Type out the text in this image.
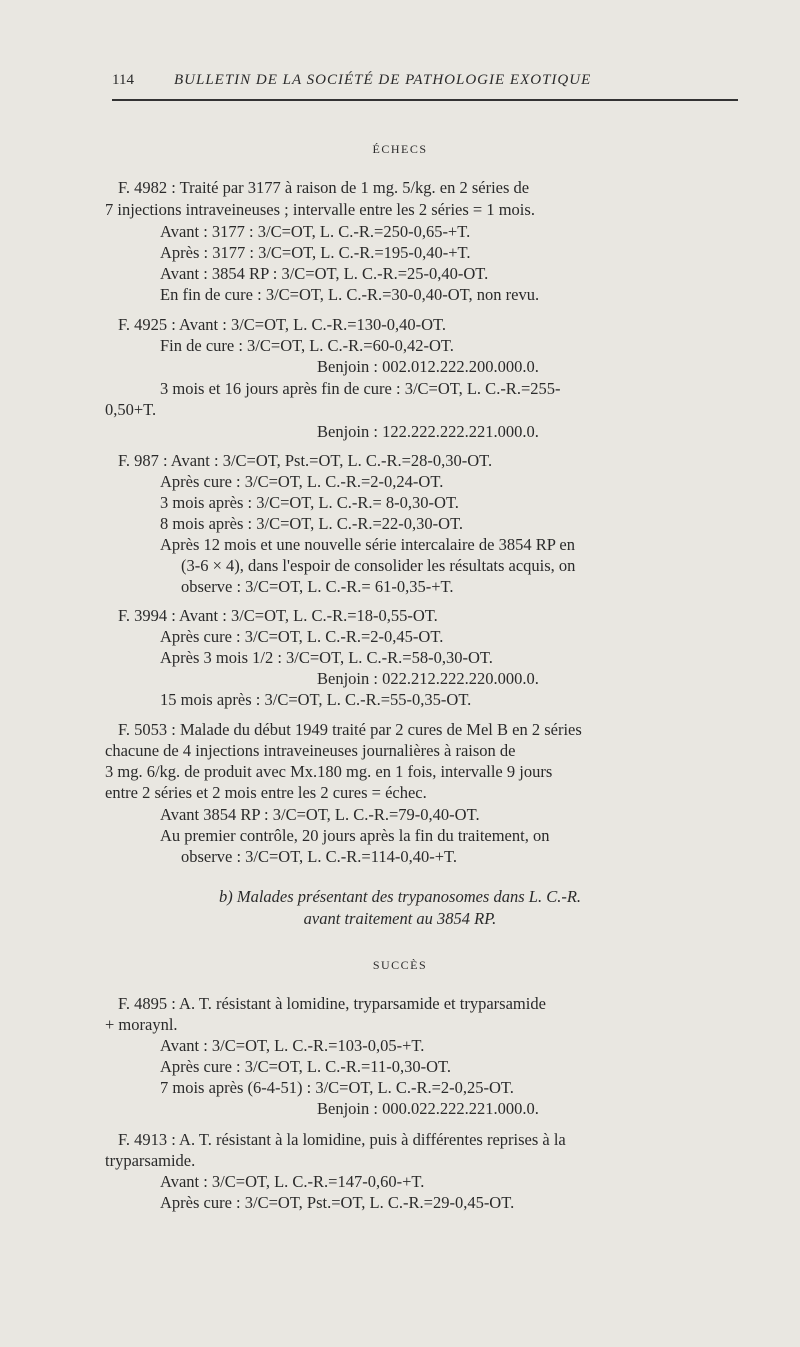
114	BULLETIN DE LA SOCIÉTÉ DE PATHOLOGIE EXOTIQUE
ÉCHECS
F. 4982 : Traité par 3177 à raison de 1 mg. 5/kg. en 2 séries de
7 injections intraveineuses ; intervalle entre les 2 séries = 1 mois.
Avant : 3177 : 3/C=OT, L. C.-R.=250-0,65-+T.
Après : 3177 : 3/C=OT, L. C.-R.=195-0,40-+T.
Avant : 3854 RP : 3/C=OT, L. C.-R.=25-0,40-OT.
En fin de cure : 3/C=OT, L. C.-R.=30-0,40-OT, non revu.
F. 4925 : Avant : 3/C=OT, L. C.-R.=130-0,40-OT.
Fin de cure : 3/C=OT, L. C.-R.=60-0,42-OT.
Benjoin : 002.012.222.200.000.0.
3 mois et 16 jours après fin de cure : 3/C=OT, L. C.-R.=255-
0,50+T.
Benjoin : 122.222.222.221.000.0.
F. 987 : Avant : 3/C=OT, Pst.=OT, L. C.-R.=28-0,30-OT.
Après cure : 3/C=OT, L. C.-R.=2-0,24-OT.
3 mois après : 3/C=OT, L. C.-R.= 8-0,30-OT.
8 mois après : 3/C=OT, L. C.-R.=22-0,30-OT.
Après 12 mois et une nouvelle série intercalaire de 3854 RP en
(3-6 × 4), dans l'espoir de consolider les résultats acquis, on
observe : 3/C=OT, L. C.-R.= 61-0,35-+T.
F. 3994 : Avant : 3/C=OT, L. C.-R.=18-0,55-OT.
Après cure : 3/C=OT, L. C.-R.=2-0,45-OT.
Après 3 mois 1/2 : 3/C=OT, L. C.-R.=58-0,30-OT.
Benjoin : 022.212.222.220.000.0.
15 mois après : 3/C=OT, L. C.-R.=55-0,35-OT.
F. 5053 : Malade du début 1949 traité par 2 cures de Mel B en 2 séries
chacune de 4 injections intraveineuses journalières à raison de
3 mg. 6/kg. de produit avec Mx.180 mg. en 1 fois, intervalle 9 jours
entre 2 séries et 2 mois entre les 2 cures = échec.
Avant 3854 RP : 3/C=OT, L. C.-R.=79-0,40-OT.
Au premier contrôle, 20 jours après la fin du traitement, on
observe : 3/C=OT, L. C.-R.=114-0,40-+T.
b) Malades présentant des trypanosomes dans L. C.-R.
avant traitement au 3854 RP.
SUCCÈS
F. 4895 : A. T. résistant à lomidine, tryparsamide et tryparsamide
+ moraynl.
Avant : 3/C=OT, L. C.-R.=103-0,05-+T.
Après cure : 3/C=OT, L. C.-R.=11-0,30-OT.
7 mois après (6-4-51) : 3/C=OT, L. C.-R.=2-0,25-OT.
Benjoin : 000.022.222.221.000.0.
F. 4913 : A. T. résistant à la lomidine, puis à différentes reprises à la
tryparsamide.
Avant : 3/C=OT, L. C.-R.=147-0,60-+T.
Après cure : 3/C=OT, Pst.=OT, L. C.-R.=29-0,45-OT.
